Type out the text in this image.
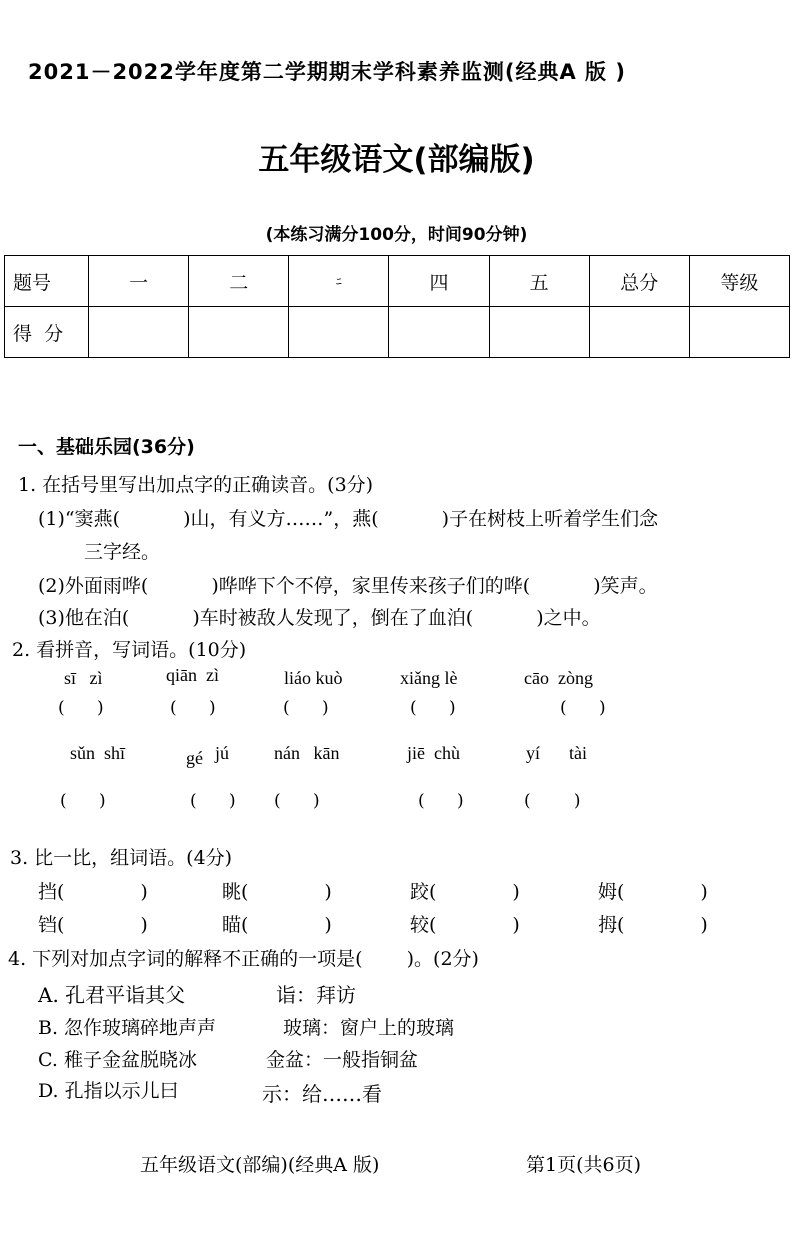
2021－2022学年度第二学期期末学科素养监测(经典A 版 )
五年级语文(部编版)
(本练习满分100分，时间90分钟)
题号	一	二	ﾆ	四	五	总分	等级
得  分							
一、基础乐园(36分)
1. 在括号里写出加点字的正确读音。(3分)
(1)“窦燕(　　　 )山，有义方……”，燕(　　　 )子在树枝上听着学生们念
三字经。
(2)外面雨哗(　　　 )哗哗下个不停，家里传来孩子们的哗(　　　 )笑声。
(3)他在泊(　　　 )车时被敌人发现了，倒在了血泊(　　　 )之中。
2. 看拼音，写词语。(10分)
sī   zì	qiān  zì	liáo kuò	xiǎng lè	cāo  zòng
(      )	(      )	(      )	(      )	(      )
sǔn  shī	gé jú nán   kān	jiē  chù	yí tài
(      )	(      ) (      )	(      )	(        )
3. 比一比，组词语。(4分)
挡(　　　　)	眺(　　　　)	跤(　　　　)	姆(　　　　)
铛(　　　　)	瞄(　　　　)	较(　　　　)	拇(　　　　)
4. 下列对加点字词的解释不正确的一项是(　　 )。(2分)
A. 孔君平诣其父	诣：拜访
B. 忽作玻璃碎地声声	玻璃：窗户上的玻璃
C. 稚子金盆脱晓冰	金盆：一般指铜盆
D. 孔指以示儿曰	示：给……看
五年级语文(部编)(经典A 版)	第1页(共6页)
